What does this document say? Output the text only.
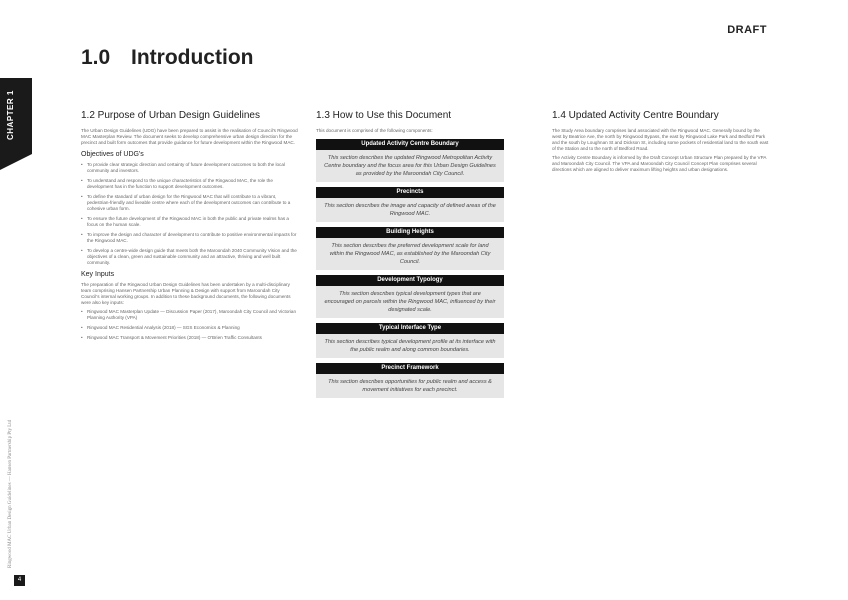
DRAFT
CHAPTER 1
Ringwood MAC Urban Design Guidelines — Hansen Partnership Pty Ltd
4
1.0 Introduction
1.2 Purpose of Urban Design Guidelines

The Urban Design Guidelines (UDG) have been prepared to assist in the realisation of Council's Ringwood MAC Masterplan Review. The document seeks to develop comprehensive urban design direction for the precinct and built form outcomes that provide guidance for future development within the Ringwood MAC.

Objectives of UDG's
• To provide clear strategic direction and certainty of future development outcomes to both the local community and investors.
• To understand and respond to the unique characteristics of the Ringwood MAC, the role the development has in the function to support development outcomes.
• To define the standard of urban design for the Ringwood MAC that will contribute to a vibrant, pedestrian-friendly and liveable centre where each of the development outcomes can contribute to a cohesive urban form.
• To ensure the future development of the Ringwood MAC in both the public and private realms has a focus on the human scale.
• To improve the design and character of development to contribute to positive environmental impacts for the Ringwood MAC.
• To develop a centre-wide design guide that meets both the Maroondah 2040 Community Vision and the objectives of a clean, green and sustainable community and an attractive, thriving and well built community.
Key Inputs

The preparation of the Ringwood Urban Design Guidelines has been undertaken by a multi-disciplinary team comprising Hansen Partnership Urban Planning & Design with support from Maroondah City Council's internal working groups. In addition to these background documents, the following documents were also key inputs:

• Ringwood MAC Masterplan Update — Discussion Paper (2017), Maroondah City Council and Victorian Planning Authority (VPA)
• Ringwood MAC Residential Analysis (2018) — SGS Economics & Planning
• Ringwood MAC Transport & Movement Priorities (2018) — O'Brien Traffic Consultants
1.3 How to Use this Document

This document is comprised of the following components:

Updated Activity Centre Boundary
This section describes the updated Ringwood Metropolitan Activity Centre boundary and the focus area for this Urban Design Guidelines as provided by the Maroondah City Council.
Precincts
This section describes the image and capacity of defined areas of the Ringwood MAC.
Building Heights
This section describes the preferred development scale for land within the Ringwood MAC, as established by the Maroondah City Council.
Development Typology
This section describes typical development types that are encouraged on parcels within the Ringwood MAC, influenced by their designated scale.
Typical Interface Type
This section describes typical development profile at its interface with the public realm and along common boundaries.
Precinct Framework
This section describes opportunities for public realm and access & movement initiatives for each precinct.
1.4 Updated Activity Centre Boundary

The Study Area boundary comprises land associated with the Ringwood MAC. Generally bound by the west by Beatrice Ave, the north by Ringwood Bypass, the east by Ringwood Lake Park and Bedford Park and the south by Loughnan St and Dickson St, including some pockets of residential land to the south east of the Station and to the north of Bedford Road.

The Activity Centre Boundary is informed by the Draft Concept Urban Structure Plan prepared by the VPA and Maroondah City Council. The VPA and Maroondah City Council Concept Plan comprises several directions which are aligned to deliver maximum lifting heights and urban designations.
